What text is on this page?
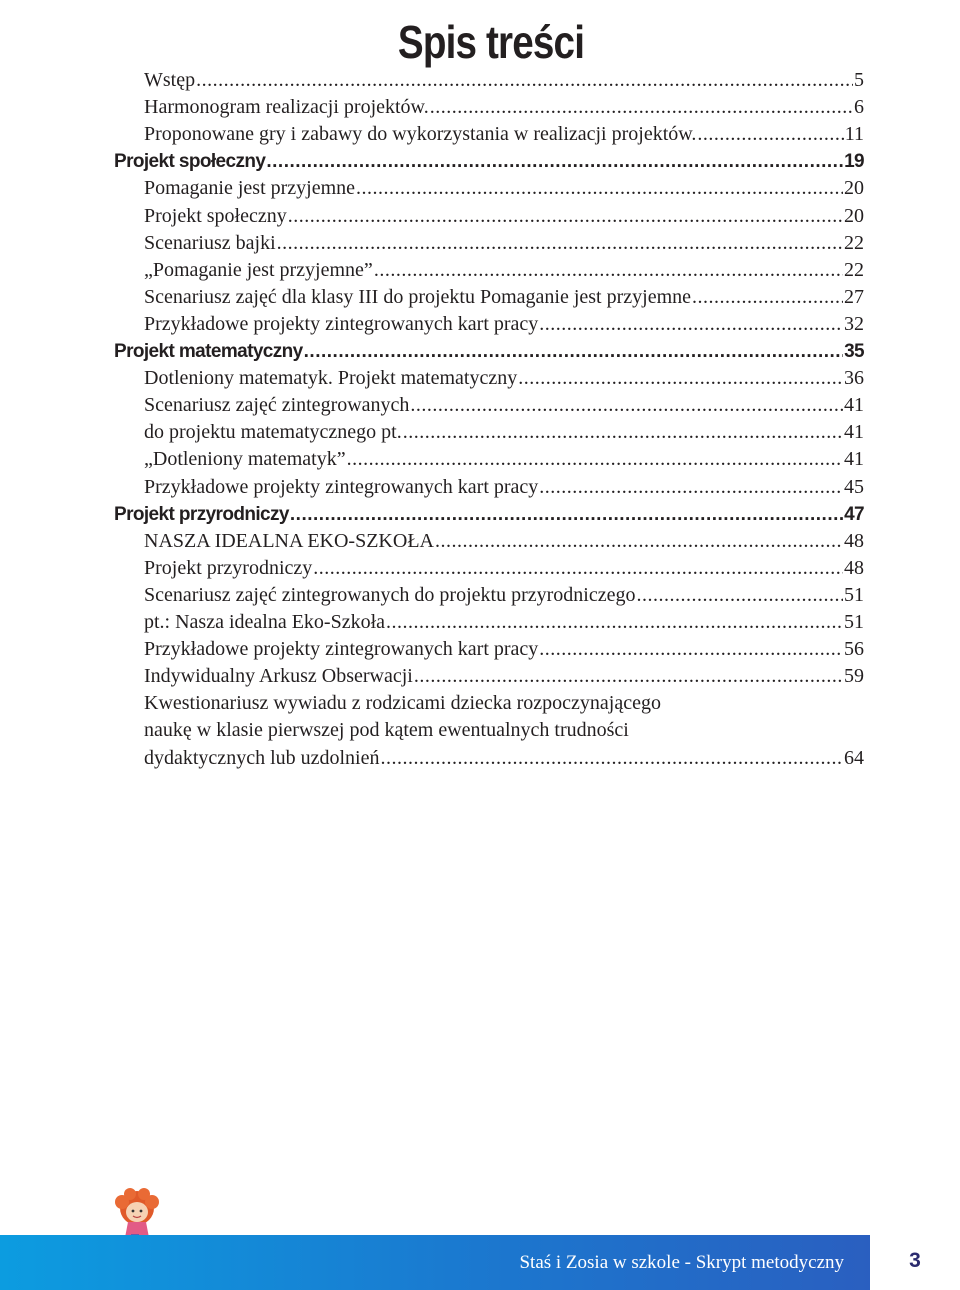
Spis treści
Wstęp .....	5
Harmonogram realizacji projektów. .....	6
Proponowane gry i zabawy do wykorzystania w realizacji projektów. .....	11
Projekt społeczny .....	19
Pomaganie jest przyjemne .....	20
Projekt społeczny .....	20
Scenariusz bajki .....	22
„Pomaganie jest przyjemne” .....	22
Scenariusz zajęć dla klasy III do projektu Pomaganie jest przyjemne .....	27
Przykładowe projekty zintegrowanych kart pracy .....	32
Projekt matematyczny .....	35
Dotleniony matematyk. Projekt matematyczny .....	36
Scenariusz zajęć zintegrowanych .....	41
do projektu matematycznego pt. .....	41
„Dotleniony matematyk” .....	41
Przykładowe projekty zintegrowanych kart pracy .....	45
Projekt przyrodniczy .....	47
NASZA IDEALNA EKO-SZKOŁA .....	48
Projekt przyrodniczy .....	48
Scenariusz zajęć zintegrowanych do projektu przyrodniczego .....	51
pt.: Nasza idealna Eko-Szkoła .....	51
Przykładowe projekty zintegrowanych kart pracy .....	56
Indywidualny Arkusz Obserwacji .....	59
Kwestionariusz wywiadu z rodzicami dziecka rozpoczynającego
naukę w klasie pierwszej pod kątem ewentualnych trudności
dydaktycznych lub uzdolnień .....	64
Staś i Zosia w szkole - Skrypt metodyczny	3
